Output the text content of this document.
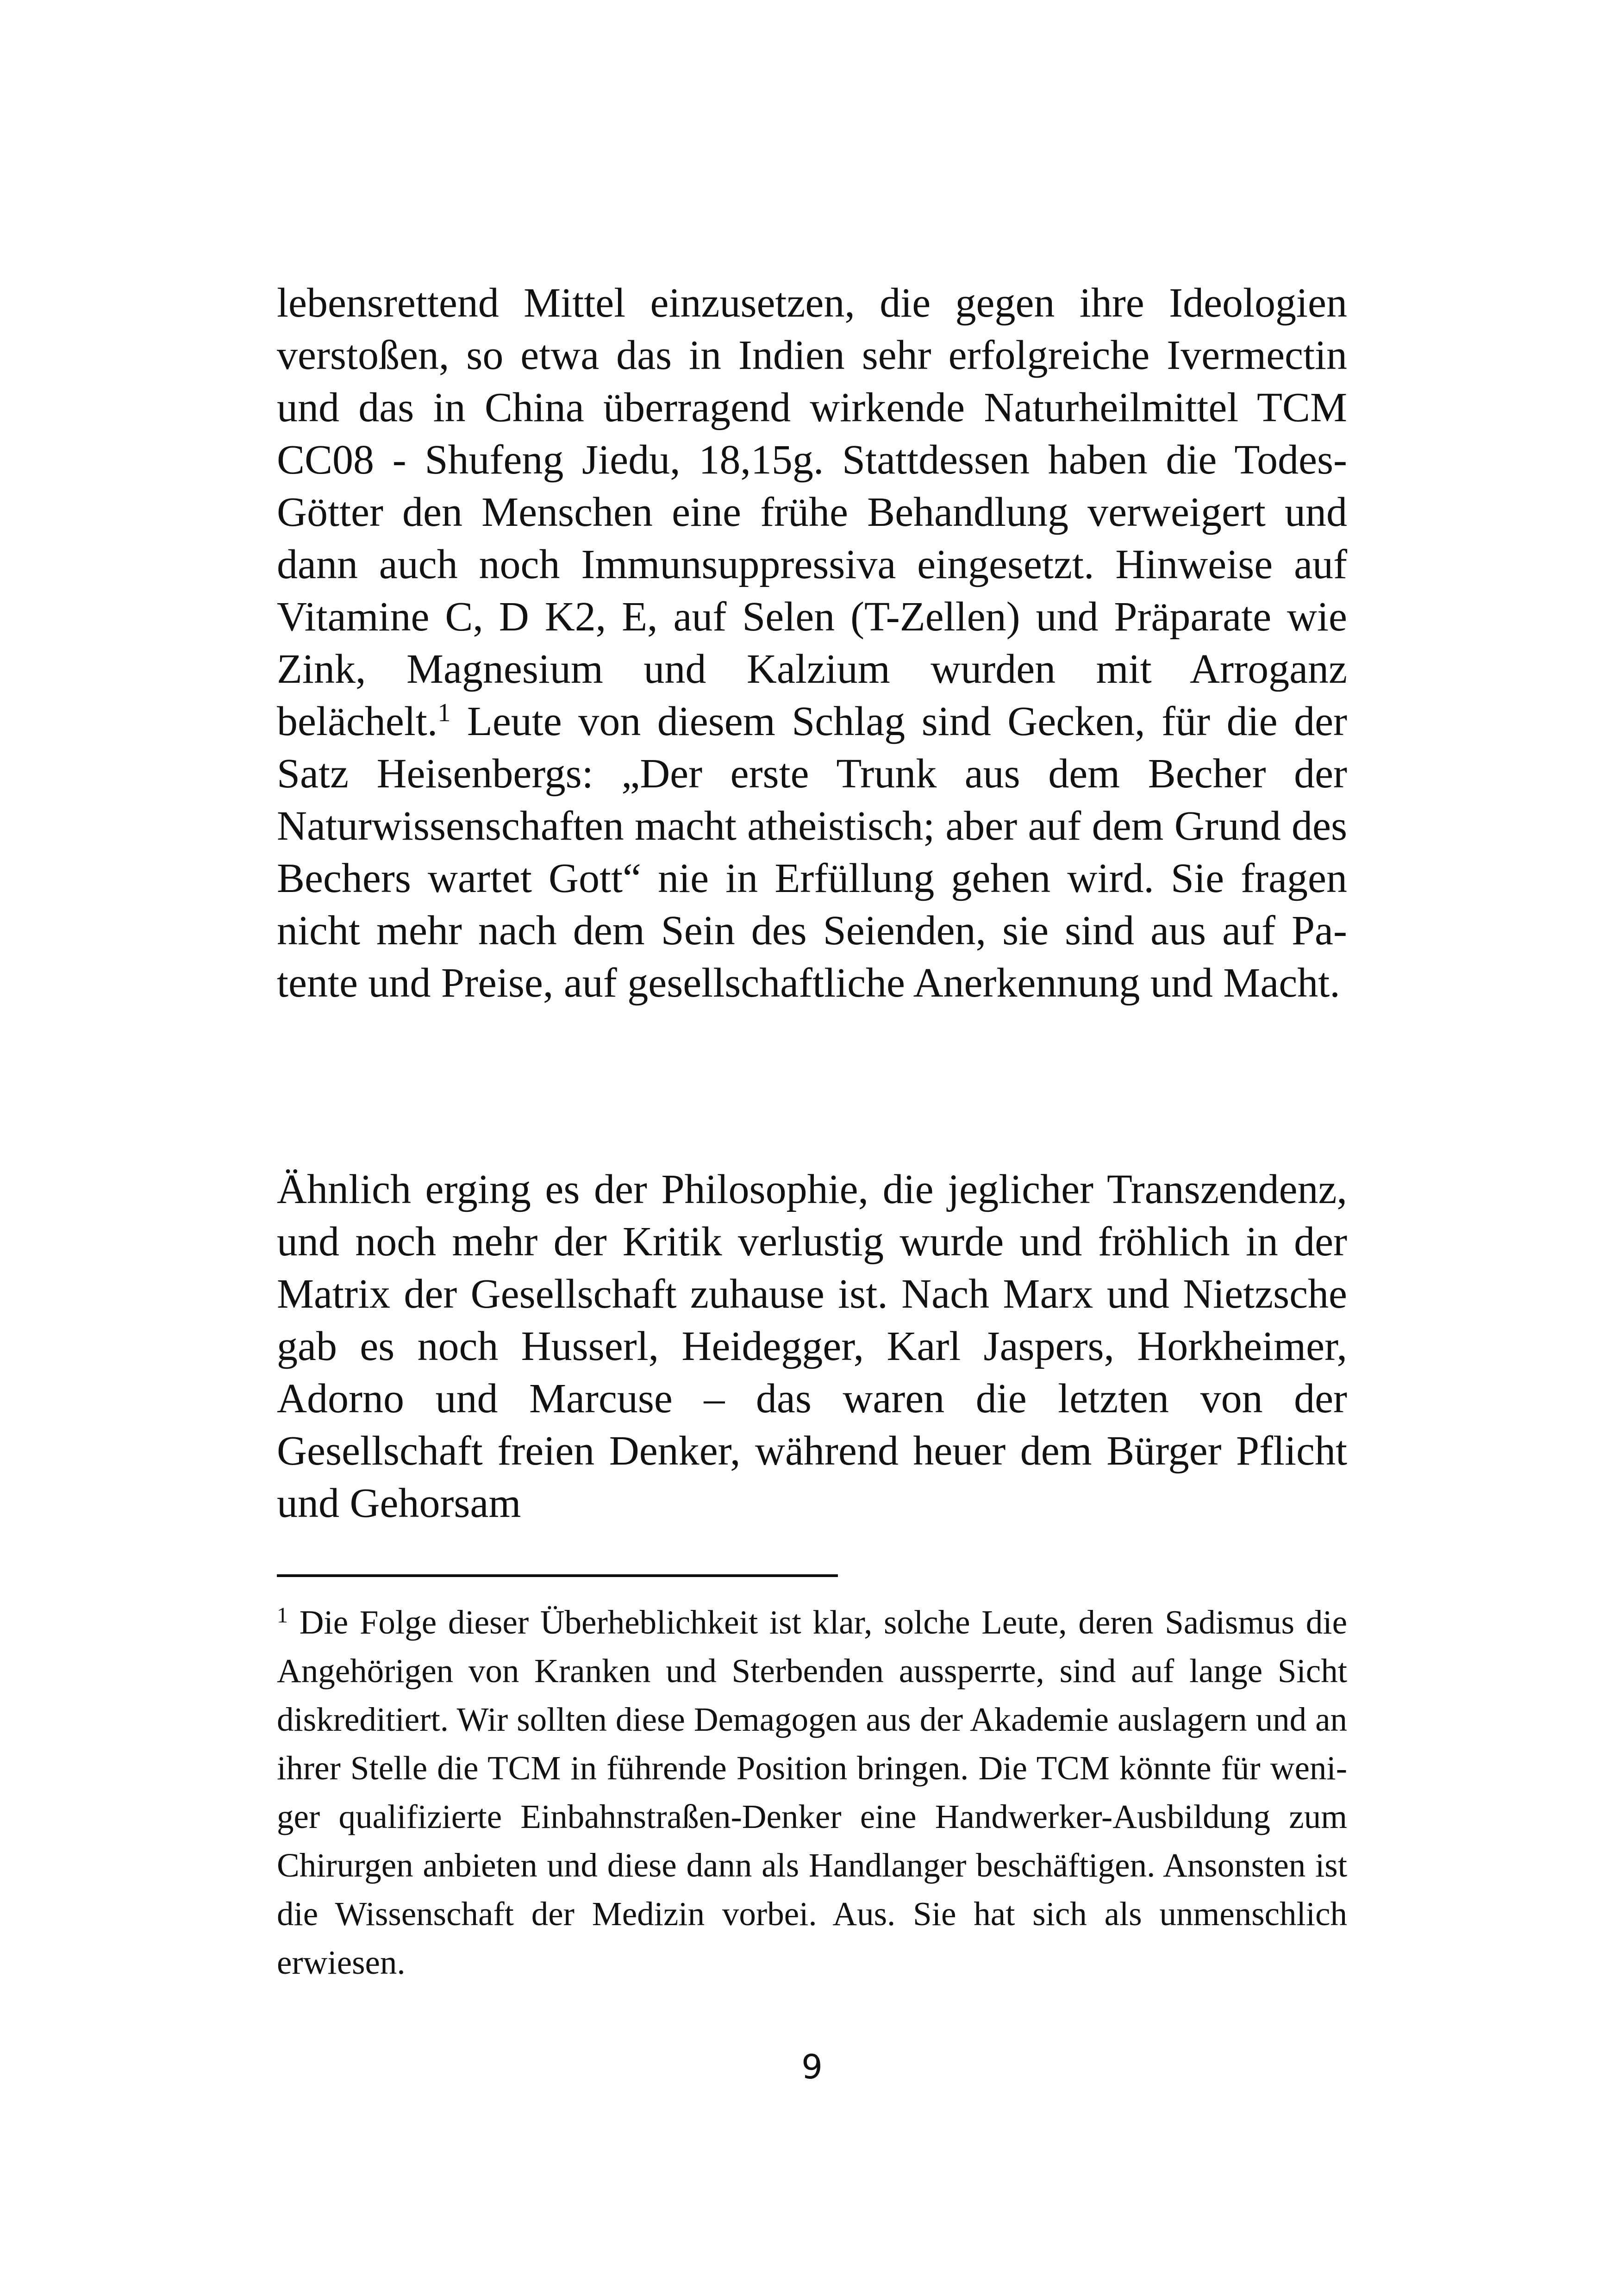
lebensrettend Mittel einzusetzen, die gegen ihre Ideologien verstoßen, so etwa das in Indien sehr erfolgreiche Ivermectin und das in China überragend wirkende Naturheilmittel TCM CC08 - Shufeng Jiedu, 18,15g. Stattdessen haben die Todes-Götter den Menschen eine frühe Behandlung verweigert und dann auch noch Immunsuppressiva eingesetzt. Hinweise auf Vitamine C, D K2, E, auf Selen (T-Zellen) und Präparate wie Zink, Magnesium und Kalzium wurden mit Arroganz belächelt.$^1$ Leute von diesem Schlag sind Gecken, für die der Satz Heisenbergs: „Der erste Trunk aus dem Becher der Naturwissenschaften macht atheistisch; aber auf dem Grund des Bechers wartet Gott“ nie in Erfüllung gehen wird. Sie fragen nicht mehr nach dem Sein des Seienden, sie sind aus auf Patente und Preise, auf gesellschaftliche Anerkennung und Macht.

Ähnlich erging es der Philosophie, die jeglicher Transzendenz, und noch mehr der Kritik verlustig wurde und fröhlich in der Matrix der Gesellschaft zuhause ist. Nach Marx und Nietzsche gab es noch Husserl, Heidegger, Karl Jaspers, Horkheimer, Adorno und Marcuse – das waren die letzten von der Gesellschaft freien Denker, während heuer dem Bürger Pflicht und Gehorsam

$^1$ Die Folge dieser Überheblichkeit ist klar, solche Leute, deren Sadismus die Angehörigen von Kranken und Sterbenden aussperrte, sind auf lange Sicht diskreditiert. Wir sollten diese Demagogen aus der Akademie auslagern und an ihrer Stelle die TCM in führende Position bringen. Die TCM könnte für weniger qualifizierte Einbahnstraßen-Denker eine Handwerker-Ausbildung zum Chirurgen anbieten und diese dann als Handlanger beschäftigen. Ansonsten ist die Wissenschaft der Medizin vorbei. Aus. Sie hat sich als unmenschlich erwiesen.

9
